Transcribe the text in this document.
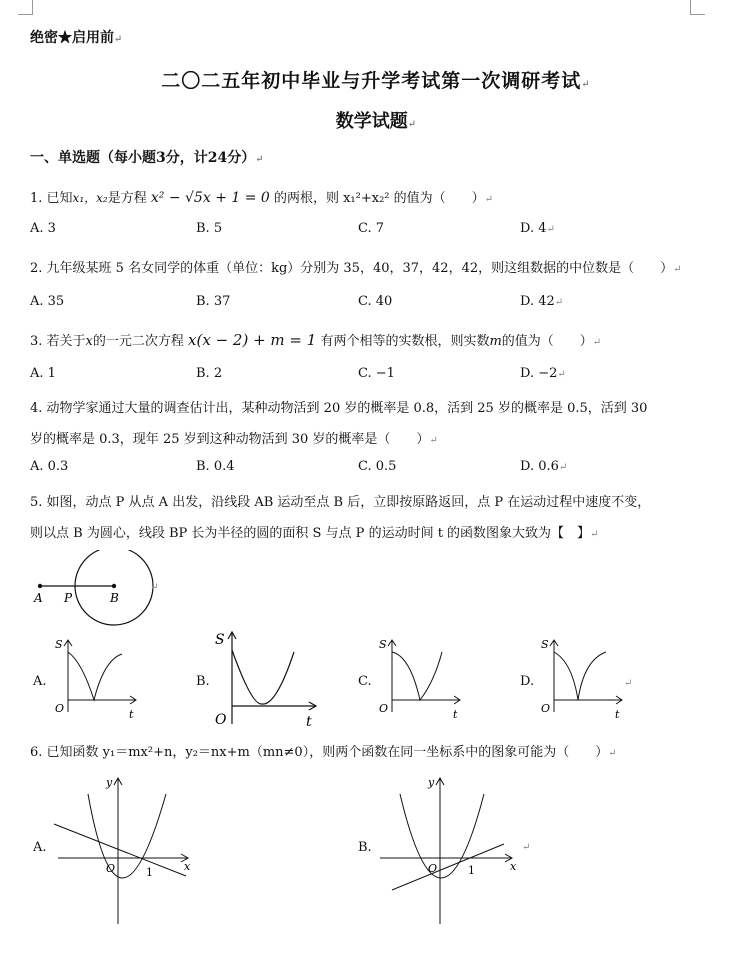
绝密★启用前↵
二〇二五年初中毕业与升学考试第一次调研考试↵
数学试题↵
一、单选题（每小题3分，计24分）↵
1. 已知x₁，x₂是方程 x² − √5x + 1 = 0 的两根，则 x₁²+x₂² 的值为（　　）↵
A. 3	B. 5	C. 7	D. 4↵
2. 九年级某班 5 名女同学的体重（单位：kg）分别为 35，40，37，42，42，则这组数据的中位数是（　　）↵
A. 35	B. 37	C. 40	D. 42↵
3. 若关于x的一元二次方程 x(x − 2) + m = 1 有两个相等的实数根，则实数m的值为（　　）↵
A. 1	B. 2	C. −1	D. −2↵
4. 动物学家通过大量的调查估计出，某种动物活到 20 岁的概率是 0.8，活到 25 岁的概率是 0.5，活到 30
岁的概率是 0.3，现年 25 岁到这种动物活到 30 岁的概率是（　　）↵
A. 0.3	B. 0.4	C. 0.5	D. 0.6↵
5. 如图，动点 P 从点 A 出发，沿线段 AB 运动至点 B 后，立即按原路返回，点 P 在运动过程中速度不变，
则以点 B 为圆心，线段 BP 长为半径的圆的面积 S 与点 P 的运动时间 t 的函数图象大致为【　】↵
A P	B
↵
A.
S
O	t
B.
S
O	t
C.
S
O	t
D.
S
O	t
↵
6. 已知函数 y₁＝mx²+n，y₂＝nx+m（mn≠0），则两个函数在同一坐标系中的图象可能为（　　）↵
A.
y
O	1	x
B.
y
O	1	x
↵
